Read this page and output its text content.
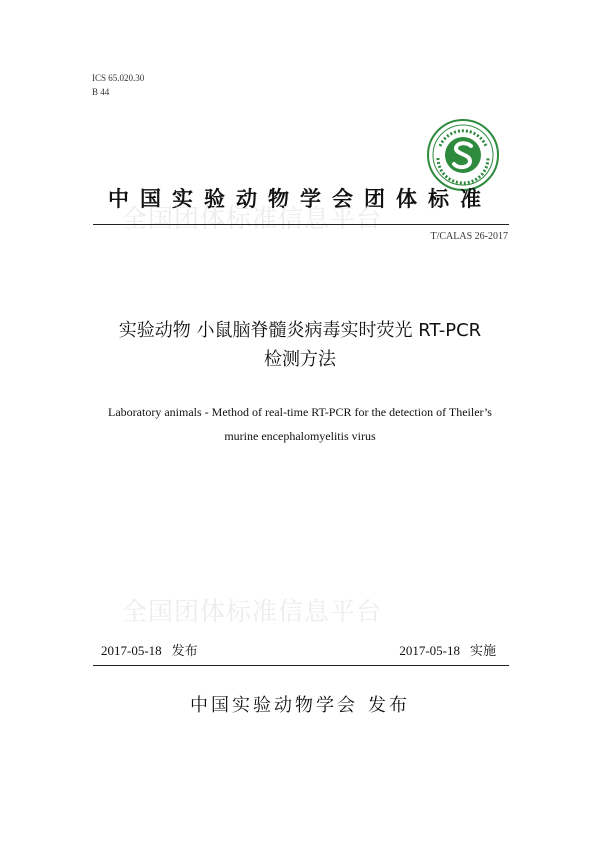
ICS 65.020.30
B 44
中国实验动物学会团体标准
全国团体标准信息平台
T/CALAS 26-2017
实验动物 小鼠脑脊髓炎病毒实时荧光 RT-PCR
检测方法
Laboratory animals - Method of real-time RT-PCR for the detection of Theiler’s
murine encephalomyelitis virus
全国团体标准信息平台
2017-05-18 发布	2017-05-18 实施
中国实验动物学会 发布
